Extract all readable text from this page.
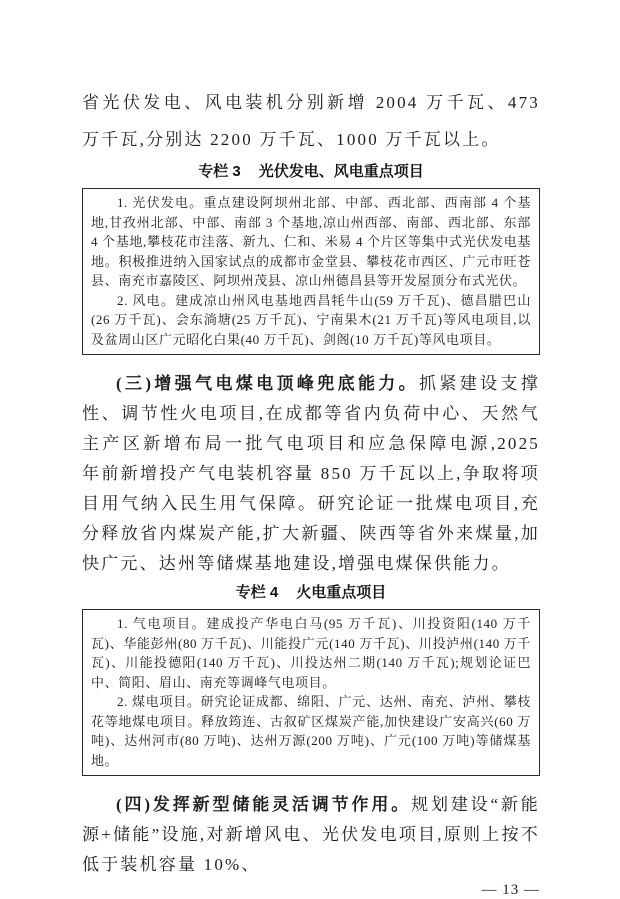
省光伏发电、风电装机分别新增 2004 万千瓦、473 万千瓦,分别达 2200 万千瓦、1000 万千瓦以上。

专栏 3 光伏发电、风电重点项目

1. 光伏发电。重点建设阿坝州北部、中部、西北部、西南部 4 个基地,甘孜州北部、中部、南部 3 个基地,凉山州西部、南部、西北部、东部 4 个基地,攀枝花市洼落、新九、仁和、米易 4 个片区等集中式光伏发电基地。积极推进纳入国家试点的成都市金堂县、攀枝花市西区、广元市旺苍县、南充市嘉陵区、阿坝州茂县、凉山州德昌县等开发屋顶分布式光伏。

2. 风电。建成凉山州风电基地西昌牦牛山(59 万千瓦)、德昌腊巴山(26 万千瓦)、会东淌塘(25 万千瓦)、宁南果木(21 万千瓦)等风电项目,以及盆周山区广元昭化白果(40 万千瓦)、剑阁(10 万千瓦)等风电项目。

(三)增强气电煤电顶峰兜底能力。抓紧建设支撑性、调节性火电项目,在成都等省内负荷中心、天然气主产区新增布局一批气电项目和应急保障电源,2025 年前新增投产气电装机容量 850 万千瓦以上,争取将项目用气纳入民生用气保障。研究论证一批煤电项目,充分释放省内煤炭产能,扩大新疆、陕西等省外来煤量,加快广元、达州等储煤基地建设,增强电煤保供能力。

专栏 4 火电重点项目

1. 气电项目。建成投产华电白马(95 万千瓦)、川投资阳(140 万千瓦)、华能彭州(80 万千瓦)、川能投广元(140 万千瓦)、川投泸州(140 万千瓦)、川能投德阳(140 万千瓦)、川投达州二期(140 万千瓦);规划论证巴中、简阳、眉山、南充等调峰气电项目。

2. 煤电项目。研究论证成都、绵阳、广元、达州、南充、泸州、攀枝花等地煤电项目。释放筠连、古叙矿区煤炭产能,加快建设广安高兴(60 万吨)、达州河市(80 万吨)、达州万源(200 万吨)、广元(100 万吨)等储煤基地。

(四)发挥新型储能灵活调节作用。规划建设“新能源+储能”设施,对新增风电、光伏发电项目,原则上按不低于装机容量 10%、

— 13 —
